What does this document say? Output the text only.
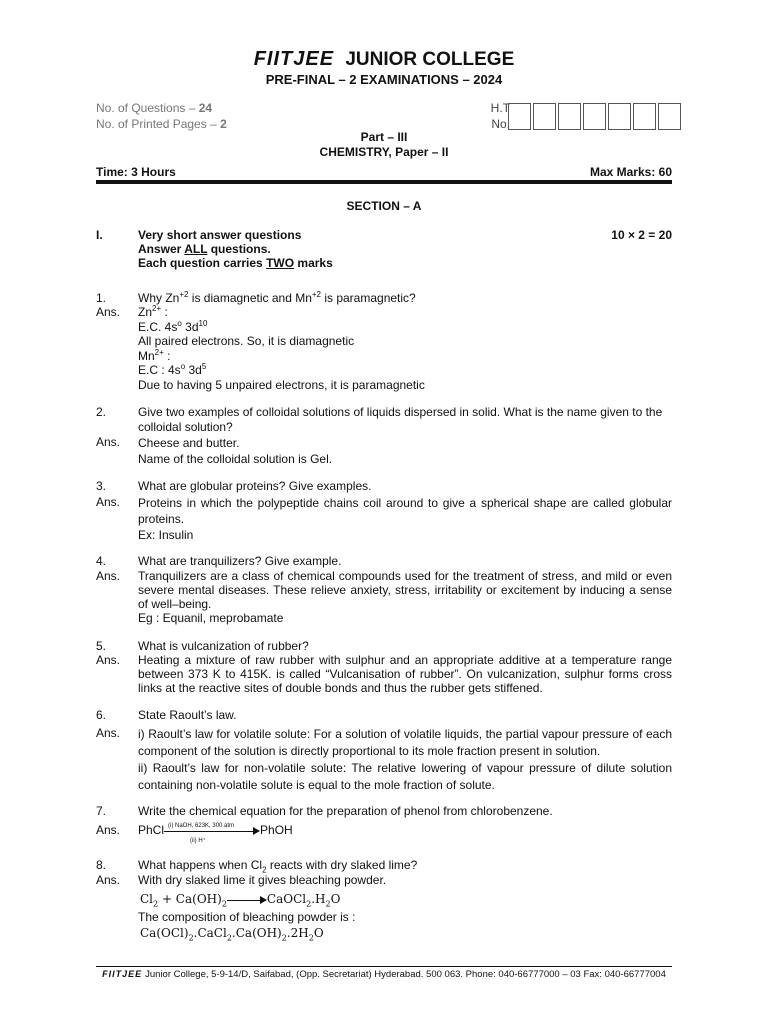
FIITJEE JUNIOR COLLEGE
PRE-FINAL – 2 EXAMINATIONS – 2024
No. of Questions – 24
No. of Printed Pages – 2
H.T
No.
Part – III
CHEMISTRY, Paper – II
Time: 3 Hours	Max Marks: 60
SECTION – A
I.	Very short answer questions
Answer ALL questions.
Each question carries TWO marks
10 × 2 = 20
1.	Why $Zn^{+2}$ is diamagnetic and $Mn^{+2}$ is paramagnetic?
Ans. $Zn^{2+}$ :
E.C. $4s^o$ $3d^{10}$
All paired electrons. So, it is diamagnetic
$Mn^{2+}$ :
E.C : $4s^o$ $3d^5$
Due to having 5 unpaired electrons, it is paramagnetic
2.	Give two examples of colloidal solutions of liquids dispersed in solid. What is the name given to the colloidal solution?
Ans. Cheese and butter.
Name of the colloidal solution is Gel.
3.	What are globular proteins? Give examples.
Ans. Proteins in which the polypeptide chains coil around to give a spherical shape are called globular proteins.
Ex: Insulin
4.	What are tranquilizers? Give example.
Ans. Tranquilizers are a class of chemical compounds used for the treatment of stress, and mild or even severe mental diseases. These relieve anxiety, stress, irritability or excitement by inducing a sense of well–being.
Eg : Equanil, meprobamate
5.	What is vulcanization of rubber?
Ans. Heating a mixture of raw rubber with sulphur and an appropriate additive at a temperature range between 373 K to 415K. is called “Vulcanisation of rubber”. On vulcanization, sulphur forms cross links at the reactive sites of double bonds and thus the rubber gets stiffened.
6.	State Raoult’s law.
Ans. i) Raoult’s law for volatile solute: For a solution of volatile liquids, the partial vapour pressure of each component of the solution is directly proportional to its mole fraction present in solution.
ii) Raoult’s law for non-volatile solute: The relative lowering of vapour pressure of dilute solution containing non-volatile solute is equal to the mole fraction of solute.
7.	Write the chemical equation for the preparation of phenol from chlorobenzene.
Ans. PhCl (i) NaOH, 623K, 300 atm
(ii) H⁺
PhOH
8.	What happens when $Cl_2$ reacts with dry slaked lime?
Ans. With dry slaked lime it gives bleaching powder.
$Cl_2 + Ca(OH)_2$	$CaOCl_2.H_2O$
The composition of bleaching powder is :
$Ca(OCl)_2.CaCl_2.Ca(OH)_2.2H_2O$
FIITJEE Junior College, 5-9-14/D, Saifabad, (Opp. Secretariat) Hyderabad. 500 063. Phone: 040-66777000 – 03 Fax: 040-66777004
